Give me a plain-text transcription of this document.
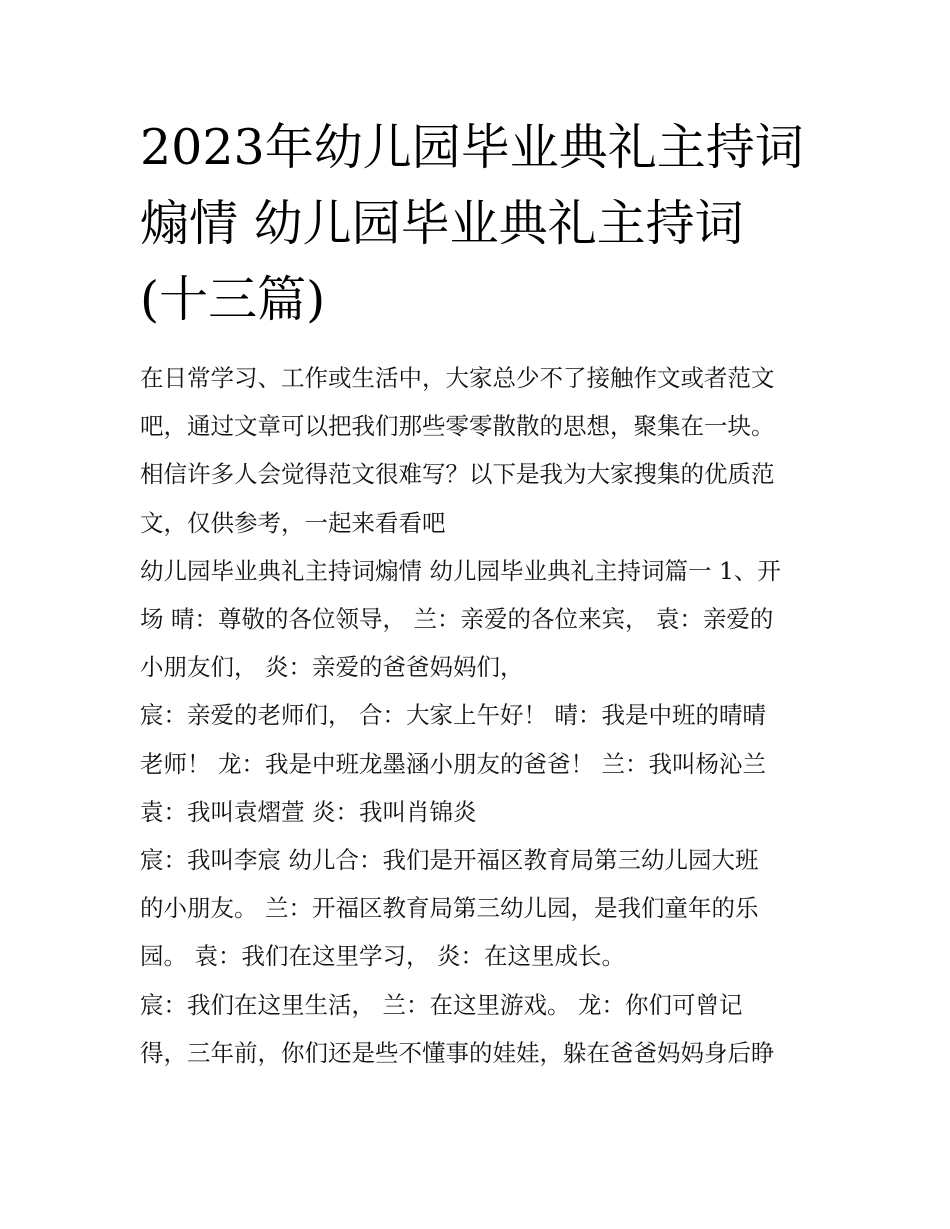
2023年幼儿园毕业典礼主持词
煽情 幼儿园毕业典礼主持词
(十三篇)
在日常学习、工作或生活中，大家总少不了接触作文或者范文
吧，通过文章可以把我们那些零零散散的思想，聚集在一块。
相信许多人会觉得范文很难写？以下是我为大家搜集的优质范
文，仅供参考，一起来看看吧
幼儿园毕业典礼主持词煽情 幼儿园毕业典礼主持词篇一 1、开
场 晴：尊敬的各位领导， 兰：亲爱的各位来宾， 袁：亲爱的
小朋友们， 炎：亲爱的爸爸妈妈们，
宸：亲爱的老师们， 合：大家上午好！ 晴：我是中班的晴晴
老师！ 龙：我是中班龙墨涵小朋友的爸爸！ 兰：我叫杨沁兰
袁：我叫袁熠萱 炎：我叫肖锦炎
宸：我叫李宸 幼儿合：我们是开福区教育局第三幼儿园大班
的小朋友。 兰：开福区教育局第三幼儿园，是我们童年的乐
园。 袁：我们在这里学习， 炎：在这里成长。
宸：我们在这里生活， 兰：在这里游戏。 龙：你们可曾记
得，三年前，你们还是些不懂事的娃娃，躲在爸爸妈妈身后睁
